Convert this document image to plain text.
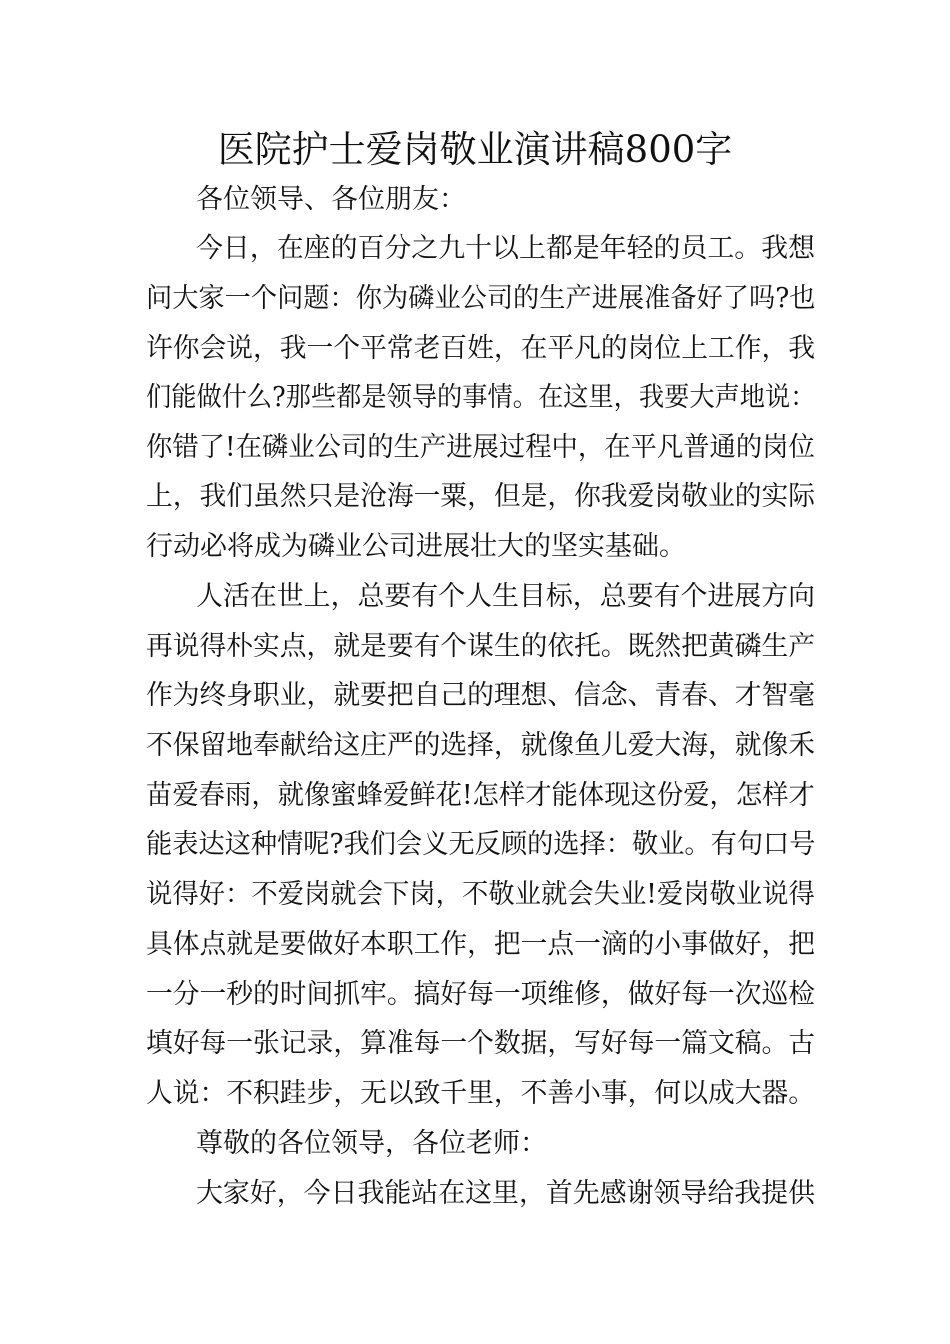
医院护士爱岗敬业演讲稿800字

各位领导、各位朋友：

今日，在座的百分之九十以上都是年轻的员工。我想

问大家一个问题：你为磷业公司的生产进展准备好了吗?也

许你会说，我一个平常老百姓，在平凡的岗位上工作，我

们能做什么?那些都是领导的事情。在这里，我要大声地说：

你错了!在磷业公司的生产进展过程中，在平凡普通的岗位

上，我们虽然只是沧海一粟，但是，你我爱岗敬业的实际

行动必将成为磷业公司进展壮大的坚实基础。

人活在世上，总要有个人生目标，总要有个进展方向

再说得朴实点，就是要有个谋生的依托。既然把黄磷生产

作为终身职业，就要把自己的理想、信念、青春、才智毫

不保留地奉献给这庄严的选择，就像鱼儿爱大海，就像禾

苗爱春雨，就像蜜蜂爱鲜花!怎样才能体现这份爱，怎样才

能表达这种情呢?我们会义无反顾的选择：敬业。有句口号

说得好：不爱岗就会下岗，不敬业就会失业!爱岗敬业说得

具体点就是要做好本职工作，把一点一滴的小事做好，把

一分一秒的时间抓牢。搞好每一项维修，做好每一次巡检

填好每一张记录，算准每一个数据，写好每一篇文稿。古

人说：不积跬步，无以致千里，不善小事，何以成大器。

尊敬的各位领导，各位老师：

大家好，今日我能站在这里，首先感谢领导给我提供
